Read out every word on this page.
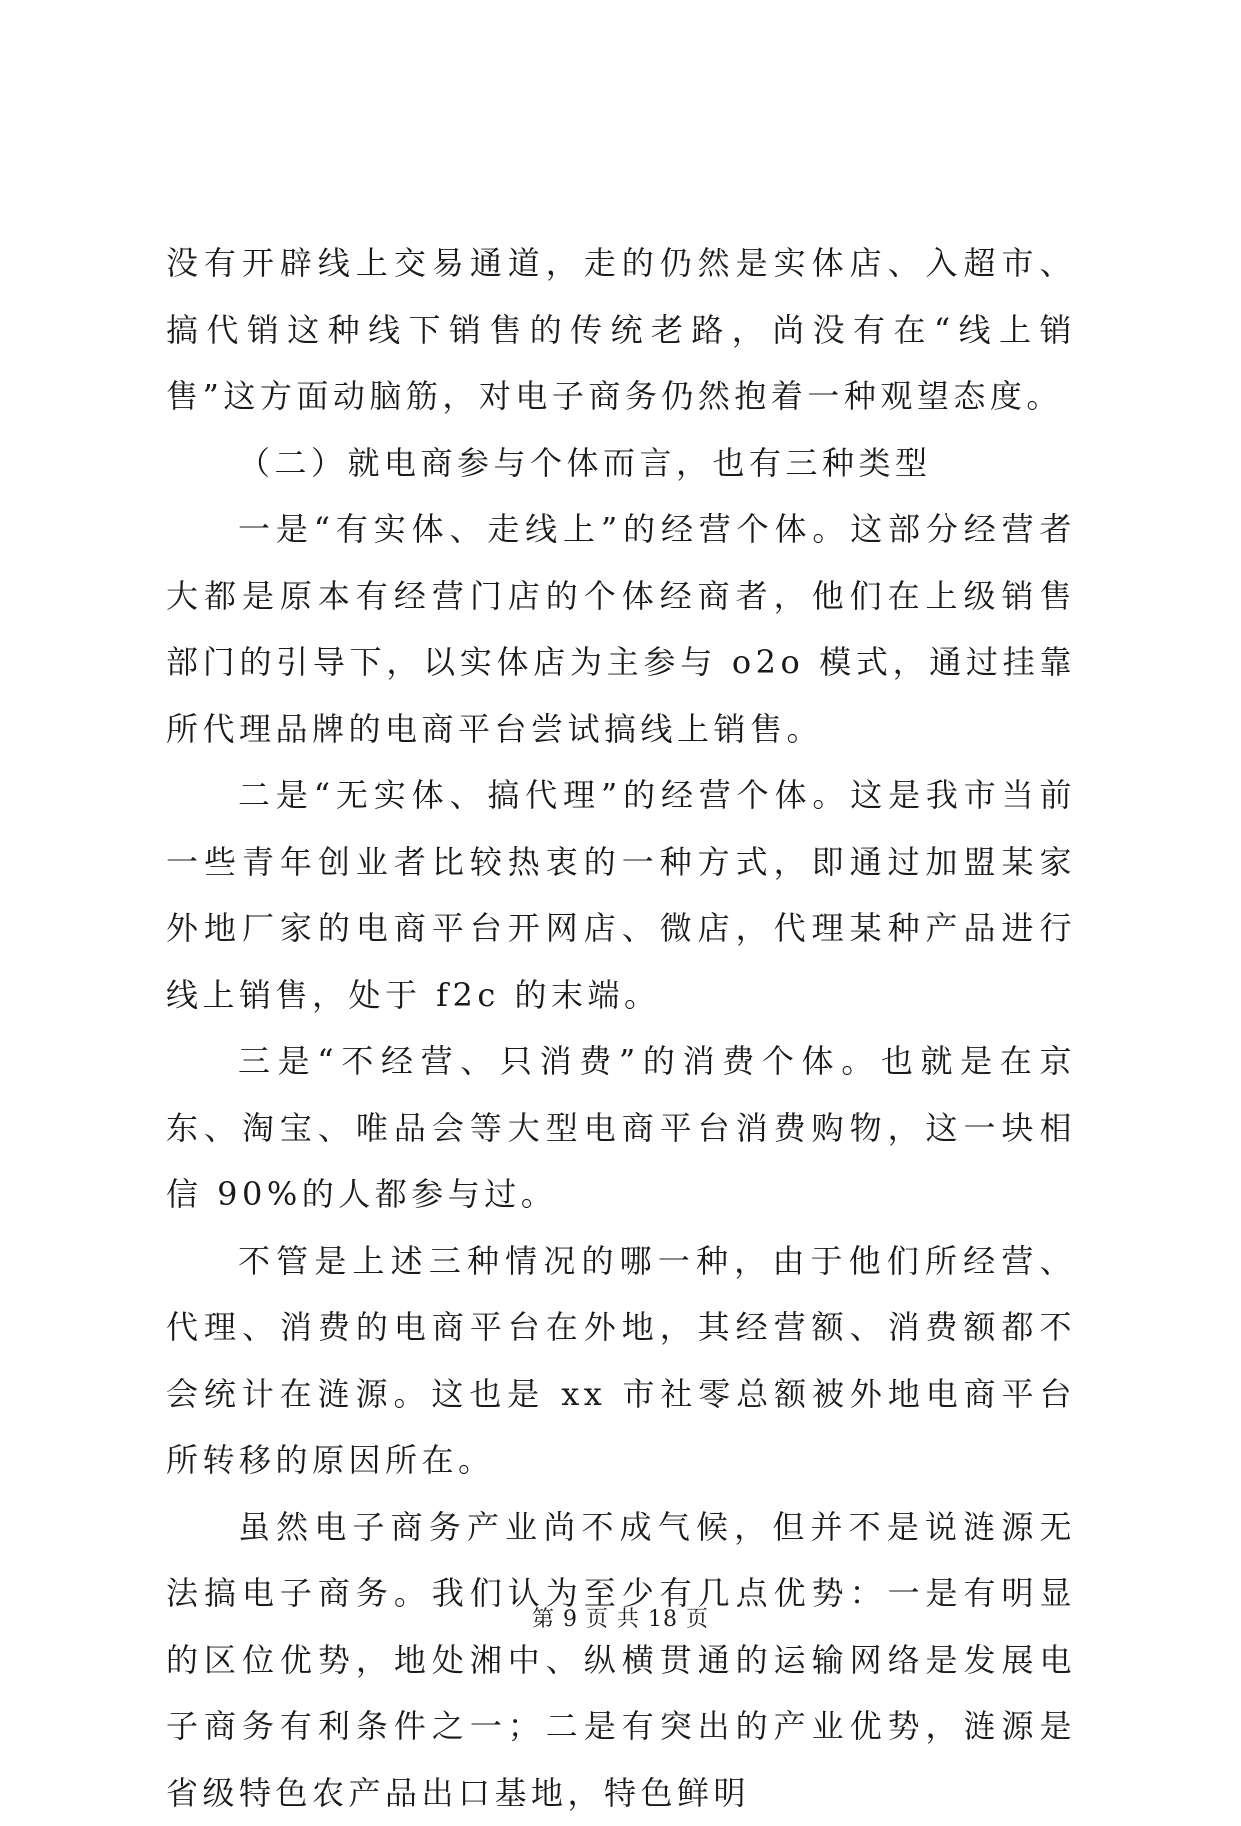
没有开辟线上交易通道，走的仍然是实体店、入超市、搞代销这种线下销售的传统老路，尚没有在“线上销售”这方面动脑筋，对电子商务仍然抱着一种观望态度。

（二）就电商参与个体而言，也有三种类型

一是“有实体、走线上”的经营个体。这部分经营者大都是原本有经营门店的个体经商者，他们在上级销售部门的引导下，以实体店为主参与 o2o 模式，通过挂靠所代理品牌的电商平台尝试搞线上销售。

二是“无实体、搞代理”的经营个体。这是我市当前一些青年创业者比较热衷的一种方式，即通过加盟某家外地厂家的电商平台开网店、微店，代理某种产品进行线上销售，处于 f2c 的末端。

三是“不经营、只消费”的消费个体。也就是在京东、淘宝、唯品会等大型电商平台消费购物，这一块相信 90%的人都参与过。

不管是上述三种情况的哪一种，由于他们所经营、代理、消费的电商平台在外地，其经营额、消费额都不会统计在涟源。这也是 xx 市社零总额被外地电商平台所转移的原因所在。

虽然电子商务产业尚不成气候，但并不是说涟源无法搞电子商务。我们认为至少有几点优势：一是有明显的区位优势，地处湘中、纵横贯通的运输网络是发展电子商务有利条件之一；二是有突出的产业优势，涟源是省级特色农产品出口基地，特色鲜明

第 9 页 共 18 页
